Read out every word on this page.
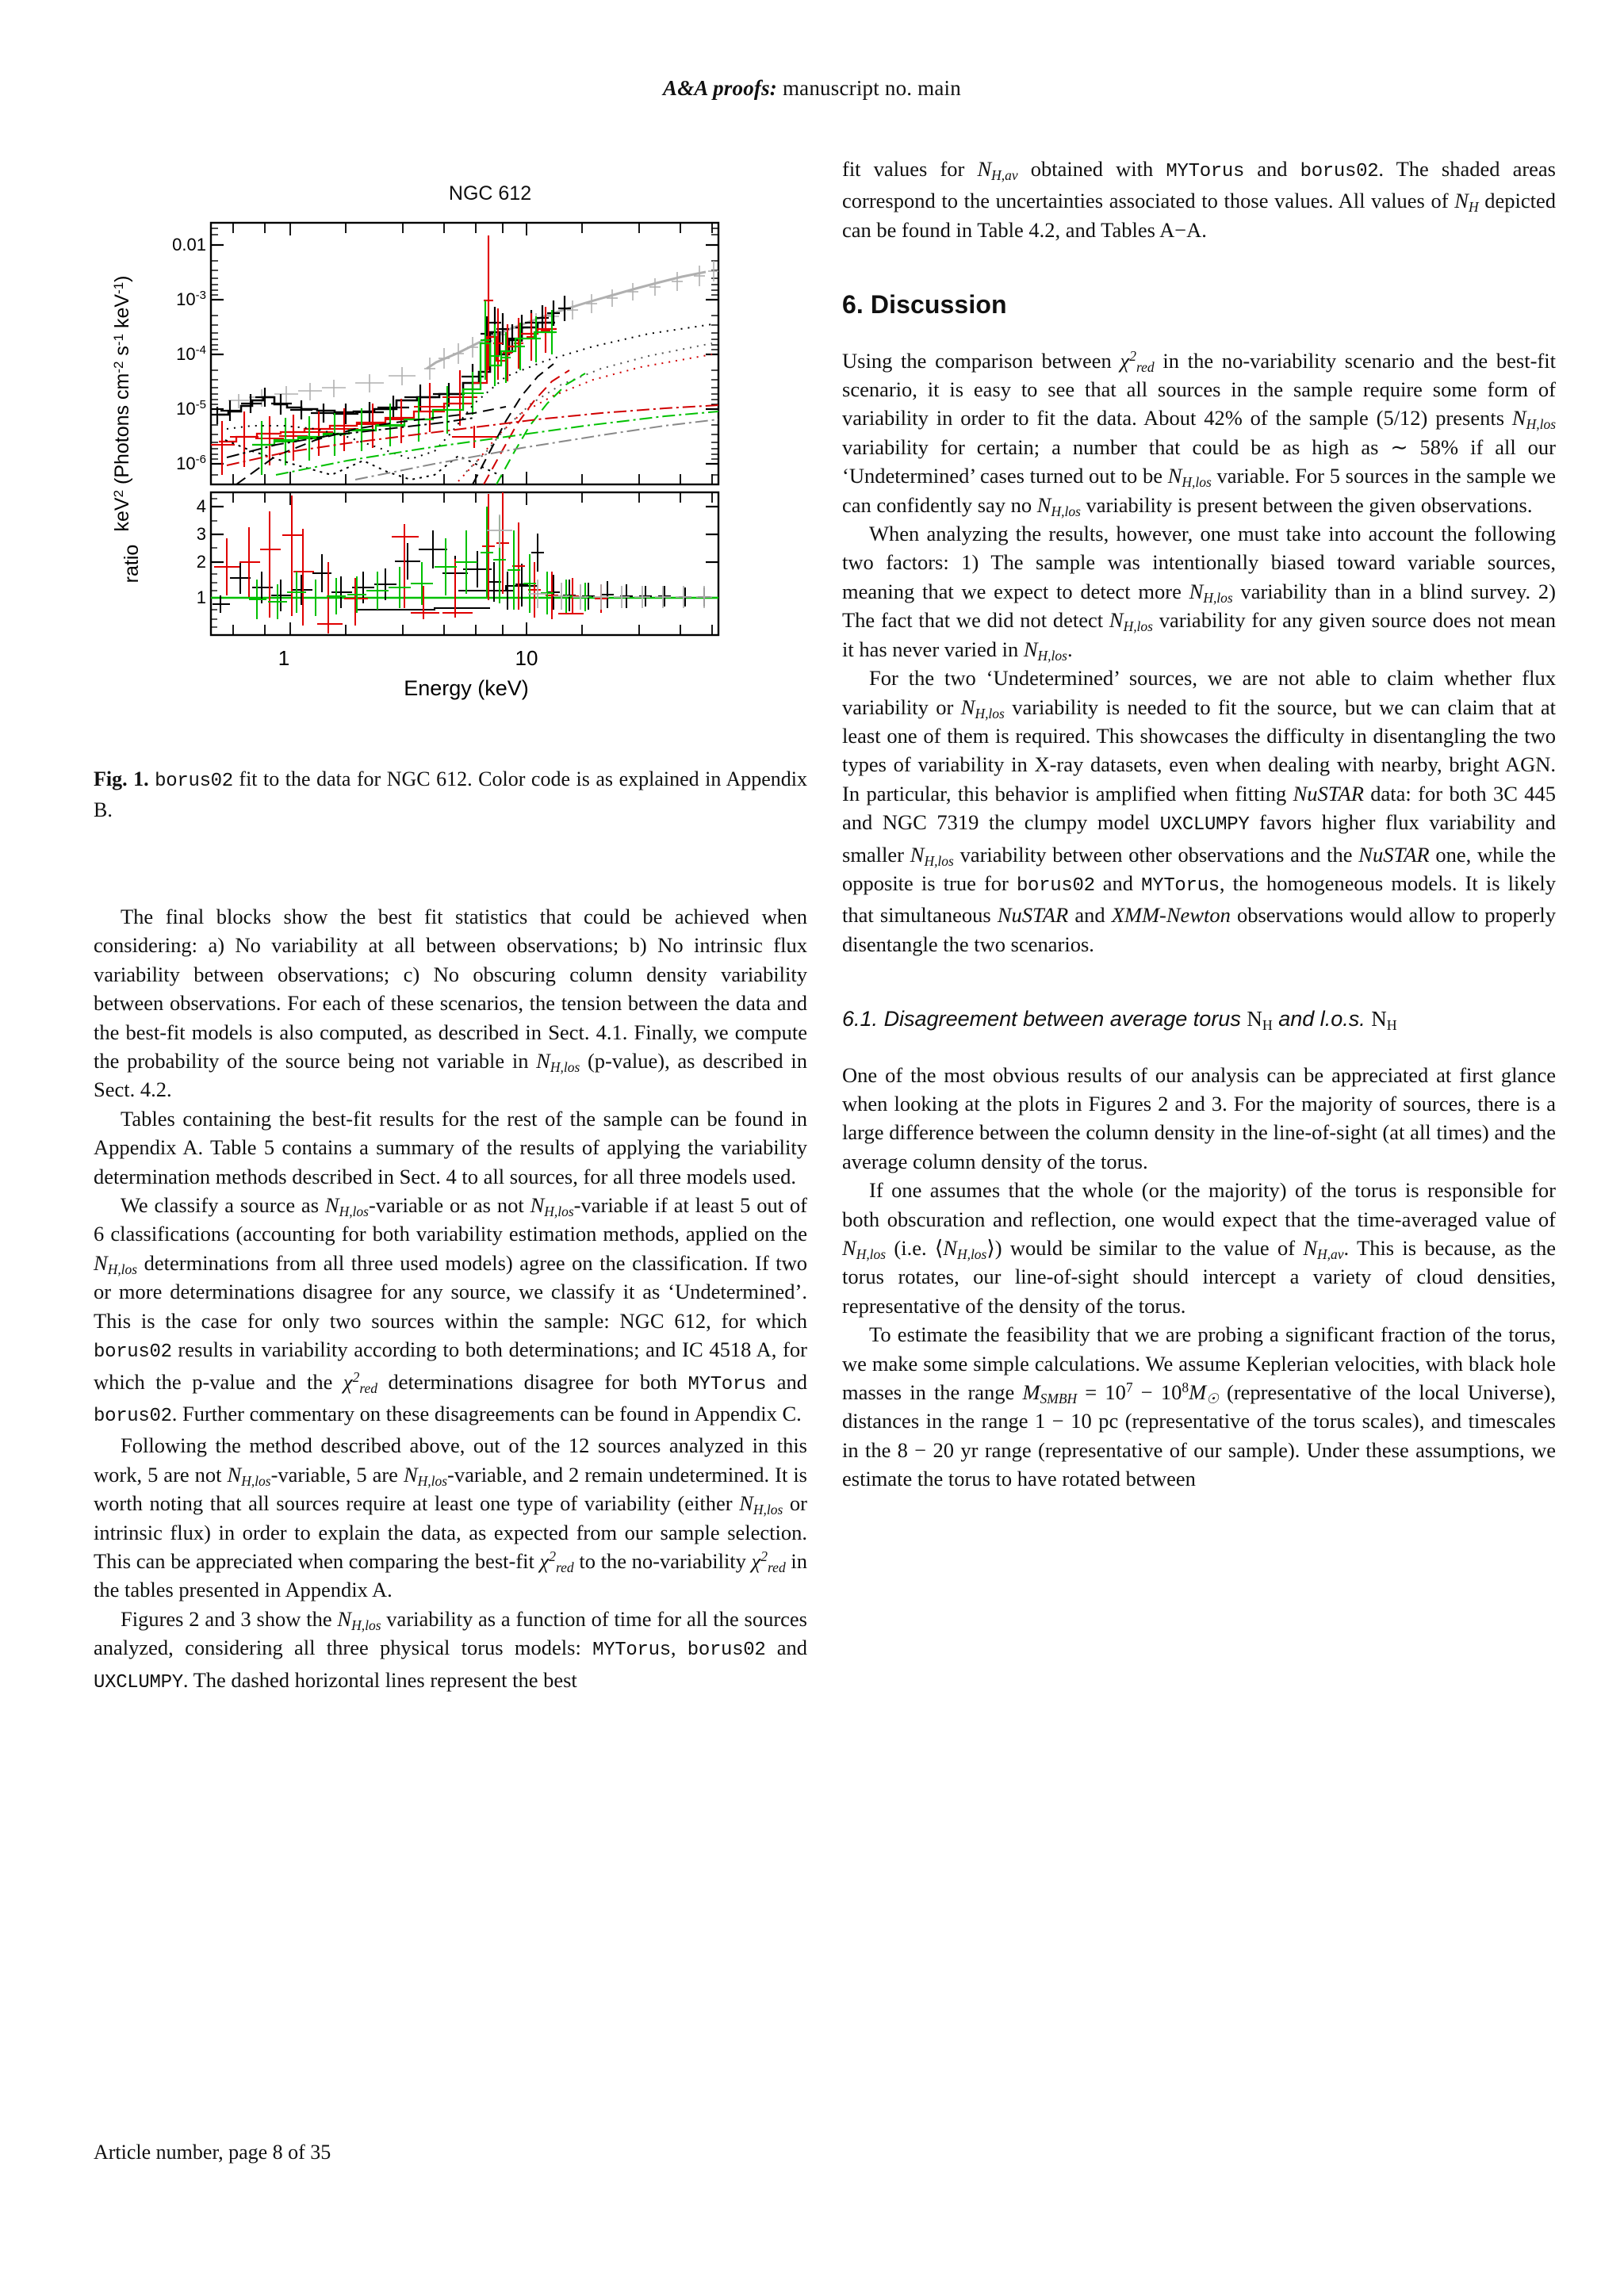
A&A proofs: manuscript no. main
NGC 612
0.01
$10^{-3}$
$10^{-4}$
$10^{-5}$
$10^{-6}$
4
3
2
1
1	10
Energy (keV)
keV$^2$ (Photons $cm^{-2}$ $s^{-1}$ keV$^{-1}$)
ratio
Fig. 1. borus02 fit to the data for NGC 612. Color code is as explained in Appendix B.

The final blocks show the best fit statistics that could be achieved when considering: a) No variability at all between observations; b) No intrinsic flux variability between observations; c) No obscuring column density variability between observations. For each of these scenarios, the tension between the data and the best-fit models is also computed, as described in Sect. 4.1. Finally, we compute the probability of the source being not variable in $N_{H,los}$ (p-value), as described in Sect. 4.2.

Tables containing the best-fit results for the rest of the sample can be found in Appendix A. Table 5 contains a summary of the results of applying the variability determination methods described in Sect. 4 to all sources, for all three models used.

We classify a source as $N_{H,los}$-variable or as not $N_{H,los}$-variable if at least 5 out of 6 classifications (accounting for both variability estimation methods, applied on the $N_{H,los}$ determinations from all three used models) agree on the classification. If two or more determinations disagree for any source, we classify it as ‘Undetermined’. This is the case for only two sources within the sample: NGC 612, for which borus02 results in variability according to both determinations; and IC 4518 A, for which the p-value and the $\chi^2_{red}$ determinations disagree for both MYTorus and borus02. Further commentary on these disagreements can be found in Appendix C.

Following the method described above, out of the 12 sources analyzed in this work, 5 are not $N_{H,los}$-variable, 5 are $N_{H,los}$-variable, and 2 remain undetermined. It is worth noting that all sources require at least one type of variability (either $N_{H,los}$ or intrinsic flux) in order to explain the data, as expected from our sample selection. This can be appreciated when comparing the best-fit $\chi^2_{red}$ to the no-variability $\chi^2_{red}$ in the tables presented in Appendix A.

Figures 2 and 3 show the $N_{H,los}$ variability as a function of time for all the sources analyzed, considering all three physical torus models: MYTorus, borus02 and UXCLUMPY. The dashed horizontal lines represent the best

fit values for $N_{H,av}$ obtained with MYTorus and borus02. The shaded areas correspond to the uncertainties associated to those values. All values of $N_H$ depicted can be found in Table 4.2, and Tables A−A.

6. Discussion

Using the comparison between $\chi^2_{red}$ in the no-variability scenario and the best-fit scenario, it is easy to see that all sources in the sample require some form of variability in order to fit the data. About 42% of the sample (5/12) presents $N_{H,los}$ variability for certain; a number that could be as high as ∼ 58% if all our ‘Undetermined’ cases turned out to be $N_{H,los}$ variable. For 5 sources in the sample we can confidently say no $N_{H,los}$ variability is present between the given observations.

When analyzing the results, however, one must take into account the following two factors: 1) The sample was intentionally biased toward variable sources, meaning that we expect to detect more $N_{H,los}$ variability than in a blind survey. 2) The fact that we did not detect $N_{H,los}$ variability for any given source does not mean it has never varied in $N_{H,los}$.

For the two ‘Undetermined’ sources, we are not able to claim whether flux variability or $N_{H,los}$ variability is needed to fit the source, but we can claim that at least one of them is required. This showcases the difficulty in disentangling the two types of variability in X-ray datasets, even when dealing with nearby, bright AGN. In particular, this behavior is amplified when fitting NuSTAR data: for both 3C 445 and NGC 7319 the clumpy model UXCLUMPY favors higher flux variability and smaller $N_{H,los}$ variability between other observations and the NuSTAR one, while the opposite is true for borus02 and MYTorus, the homogeneous models. It is likely that simultaneous NuSTAR and XMM-Newton observations would allow to properly disentangle the two scenarios.

6.1. Disagreement between average torus $N_H$ and l.o.s. $N_H$

One of the most obvious results of our analysis can be appreciated at first glance when looking at the plots in Figures 2 and 3. For the majority of sources, there is a large difference between the column density in the line-of-sight (at all times) and the average column density of the torus.

If one assumes that the whole (or the majority) of the torus is responsible for both obscuration and reflection, one would expect that the time-averaged value of $N_{H,los}$ (i.e. $⟨N_{H,los}⟩$) would be similar to the value of $N_{H,av}$. This is because, as the torus rotates, our line-of-sight should intercept a variety of cloud densities, representative of the density of the torus.

To estimate the feasibility that we are probing a significant fraction of the torus, we make some simple calculations. We assume Keplerian velocities, with black hole masses in the range $M_{SMBH} = 10^7 - 10^8M_☉$ (representative of the local Universe), distances in the range 1 − 10 pc (representative of the torus scales), and timescales in the 8 − 20 yr range (representative of our sample). Under these assumptions, we estimate the torus to have rotated between

Article number, page 8 of 35
